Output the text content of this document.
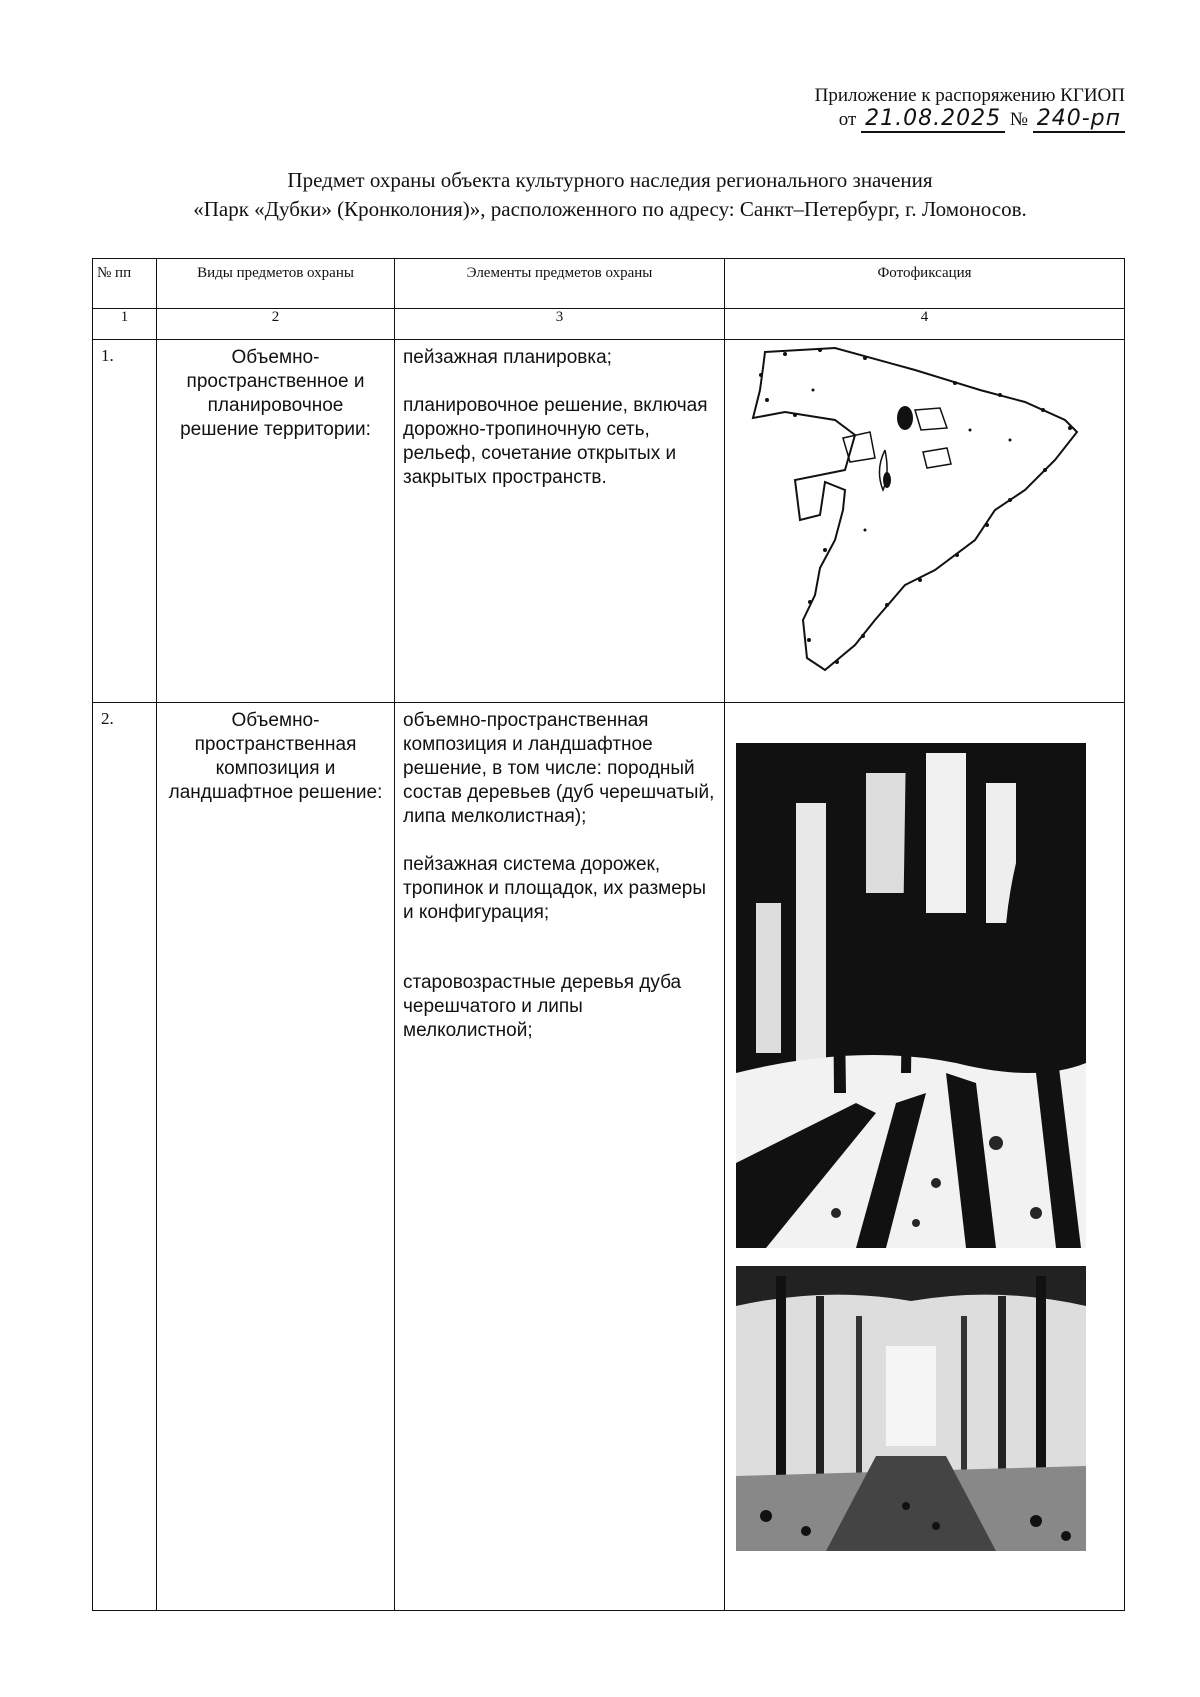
Приложение к распоряжению КГИОП
от 21.08.2025 № 240-рп
Предмет охраны объекта культурного наследия регионального значения
«Парк «Дубки» (Кронколония)», расположенного по адресу: Санкт–Петербург, г. Ломоносов.
№ пп	Виды предметов охраны	Элементы предметов охраны	Фотофиксация
1	2	3	4
1.	Объемно-пространственное и планировочное решение территории:	пейзажная планировка;

планировочное решение, включая дорожно-тропиночную сеть, рельеф, сочетание открытых и закрытых пространств.

2.	Объемно-пространственная композиция и ландшафтное решение:	объемно-пространственная композиция и ландшафтное решение, в том числе: породный состав деревьев (дуб черешчатый, липа мелколистная);

пейзажная система дорожек, тропинок и площадок, их размеры и конфигурация;

старовозрастные деревья дуба черешчатого и липы мелколистной;
